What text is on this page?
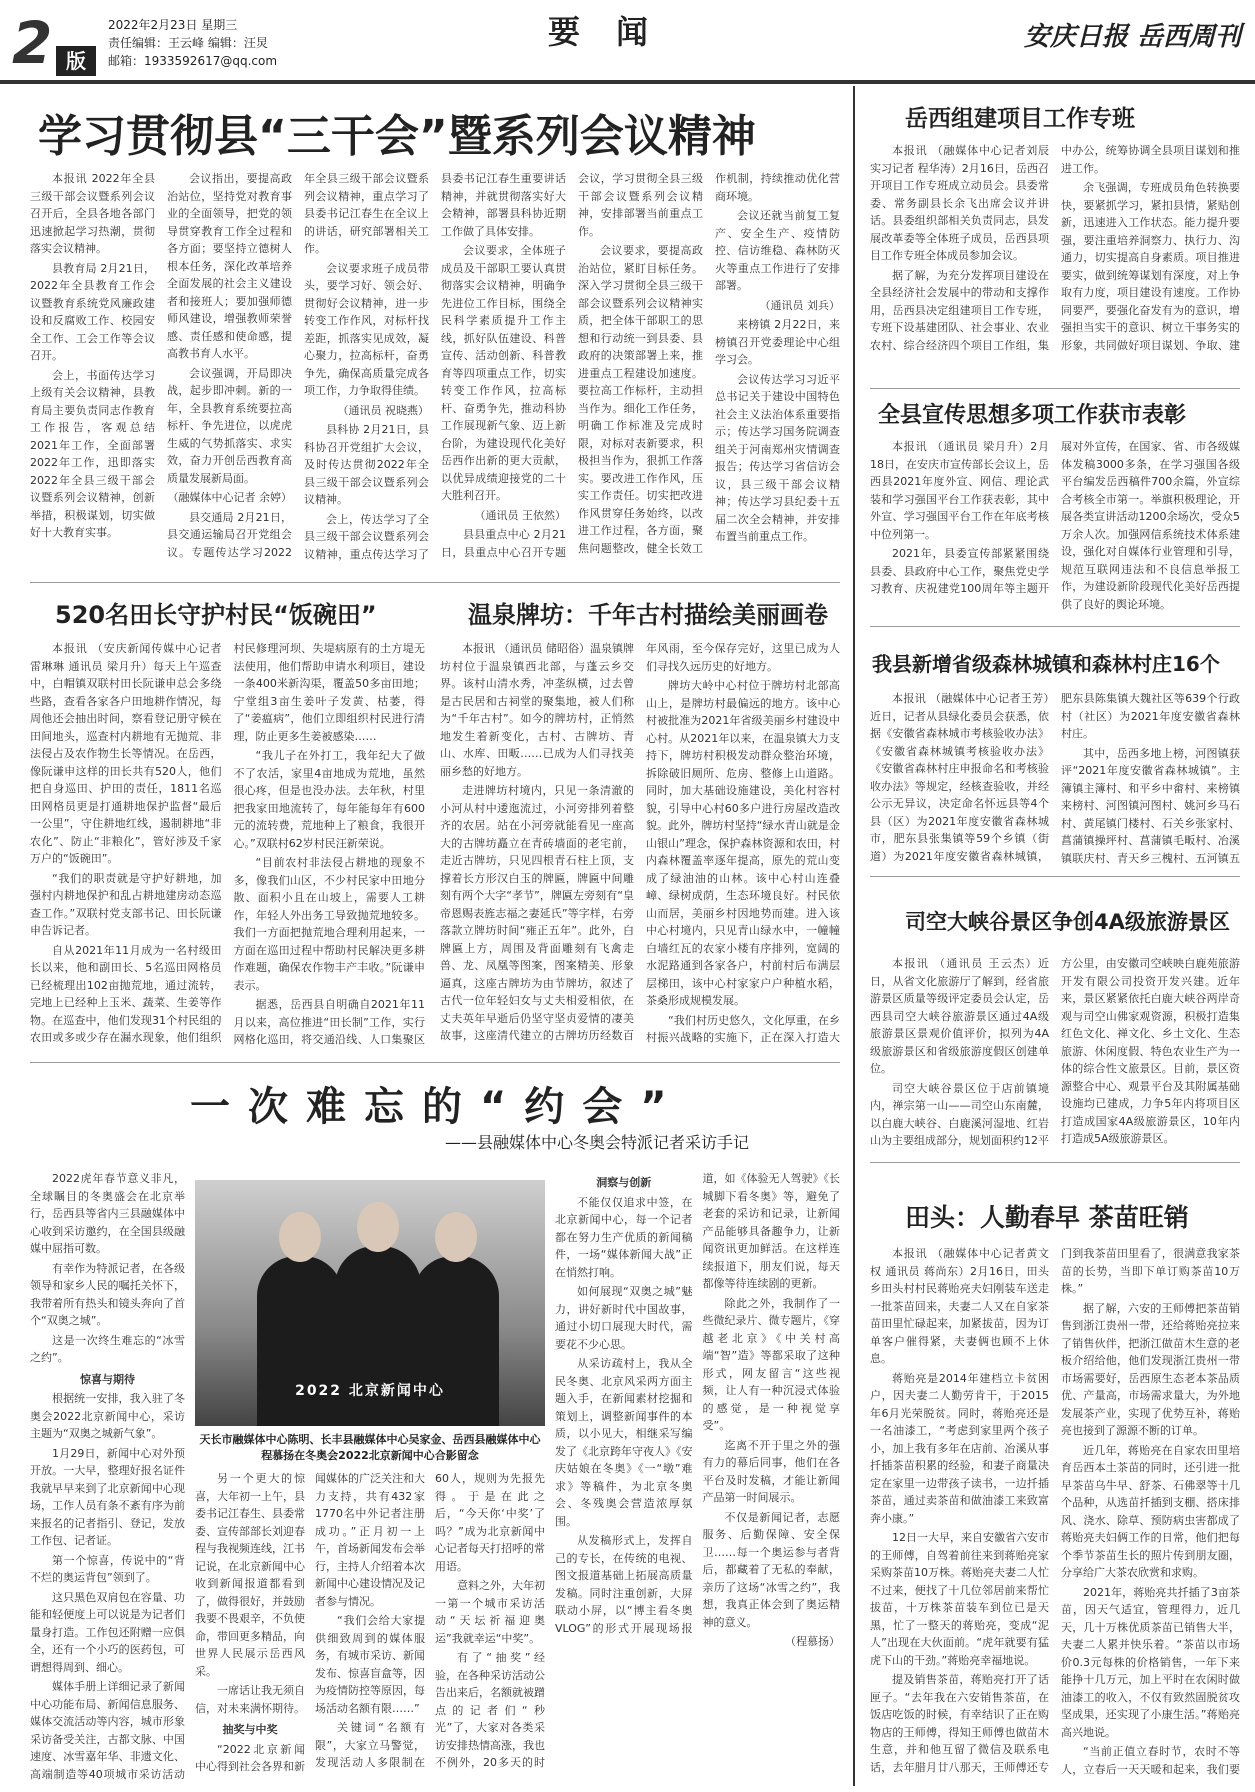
2 版
2022年2月23日 星期三
责任编辑：王云峰 编辑：汪炅
邮箱：1933592617@qq.com
要闻	安庆日报 岳西周刊
学习贯彻县“三干会”暨系列会议精神

本报讯 2022年全县三级干部会议暨系列会议召开后，全县各地各部门迅速掀起学习热潮，贯彻落实会议精神。

县教育局 2月21日，2022年全县教育工作会议暨教育系统党风廉政建设和反腐败工作、校园安全工作、工会工作等会议召开。

会上，书面传达学习上级有关会议精神，县教育局主要负责同志作教育工作报告，客观总结2021年工作，全面部署2022年工作，迅即落实2022年全县三级干部会议暨系列会议精神，创新举措，积极谋划，切实做好十大教育实事。

会议指出，要提高政治站位，坚持党对教育事业的全面领导，把党的领导贯穿教育工作全过程和各方面；要坚持立德树人根本任务，深化改革培养全面发展的社会主义建设者和接班人；要加强师德师风建设，增强教师荣誉感、责任感和使命感，提高教书育人水平。

会议强调，开局即决战，起步即冲刺。新的一年，全县教育系统要拉高标杆、争先进位，以虎虎生威的气势抓落实、求实效，奋力开创岳西教育高质量发展新局面。

（融媒体中心记者 余婷）

县交通局 2月21日，县交通运输局召开党组会议。专题传达学习2022年全县三级干部会议暨系列会议精神，重点学习了县委书记江春生在全议上的讲话，研究部署相关工作。

会议要求班子成员带头，要学习好、领会好、贯彻好会议精神，进一步转变工作作风，对标杆找差距，抓落实见成效，凝心聚力，拉高标杆，奋勇争先，确保高质量完成各项工作，力争取得佳绩。

（通讯员 祝晓燕）

县科协 2月21日，县科协召开党组扩大会议，及时传达贯彻2022年全县三级干部会议暨系列会议精神。

会上，传达学习了全县三级干部会议暨系列会议精神，重点传达学习了县委书记江春生重要讲话精神，并就贯彻落实好大会精神，部署县科协近期工作做了具体安排。

会议要求，全体班子成员及干部职工要认真贯彻落实会议精神，明确争先进位工作目标，围绕全民科学素质提升工作主线，抓好队伍建设、科普宣传、活动创新、科普教育等四项重点工作，切实转变工作作风，拉高标杆、奋勇争先，推动科协工作展现新气象、迈上新台阶，为建设现代化美好岳西作出新的更大贡献，以优异成绩迎接党的二十大胜利召开。

（通讯员 王依然）

县县重点中心 2月21日，县重点中心召开专题会议，学习贯彻全县三级干部会议暨系列会议精神，安排部署当前重点工作。

会议要求，要提高政治站位，紧盯目标任务。深入学习贯彻全县三级干部会议暨系列会议精神实质，把全体干部职工的思想和行动统一到县委、县政府的决策部署上来，推进重点工程建设加速度。要拉高工作标杆，主动担当作为。细化工作任务，明确工作标准及完成时限，对标对表新要求，积极担当作为，狠抓工作落实。要改进工作作风，压实工作责任。切实把改进作风贯穿任务始终，以改进工作过程，各方面，聚焦问题整改，健全长效工作机制，持续推动优化营商环境。

会议还就当前复工复产、安全生产、疫情防控、信访维稳、森林防灭火等重点工作进行了安排部署。

（通讯员 刘兵）

来榜镇 2月22日，来榜镇召开党委理论中心组学习会。

会议传达学习习近平总书记关于建设中国特色社会主义法治体系重要指示；传达学习国务院调查组关于河南郑州灾情调查报告；传达学习省信访会议，县三级干部会议精神；传达学习县纪委十五届二次全会精神，并安排布置当前重点工作。

520名田长守护村民“饭碗田”

本报讯 （安庆新闻传媒中心记者 雷琳琳 通讯员 梁月升）每天上午巡查中，白帽镇双联村田长阮谦申总会多绕些路，查看各家各户田地耕作情况，每周他还会抽出时间，察看登记册守候在田间地头，巡查村内耕地有无抛荒、非法侵占及农作物生长等情况。在岳西，像阮谦申这样的田长共有520人，他们把自身巡田、护田的责任，1811名巡田网格员更是打通耕地保护监督“最后一公里”，守住耕地红线，遏制耕地“非农化”、防止“非粮化”，管好涉及千家万户的“饭碗田”。

“我们的职责就是守护好耕地，加强村内耕地保护和乱占耕地建房动态巡查工作。”双联村党支部书记、田长阮谦申告诉记者。

自从2021年11月成为一名村级田长以来，他和副田长、5名巡田网格员已经梳理出102亩抛荒地，通过流转，完地上已经种上玉米、蔬菜、生姜等作物。在巡查中，他们发现31个村民组的农田或多或少存在漏水现象，他们组织村民修理河坝、失堤病原有的土方堤无法使用，他们帮助申请水利项目，建设一条400米新沟渠，覆盖50多亩田地；宁堂组3亩生姜叶子发黄、枯萎，得了“姜瘟病”，他们立即组织村民进行清理，防止更多生姜被感染……

“我儿子在外打工，我年纪大了做不了农活，家里4亩地成为荒地，虽然很心疼，但是也没办法。去年秋，村里把我家田地流转了，每年能每年有600元的流转费，荒地种上了粮食，我很开心。”双联村62岁村民汪新荣说。

“目前农村非法侵占耕地的现象不多，像我们山区，不少村民家中田地分散、面积小且在山坡上，需要人工耕作，年轻人外出务工导致抛荒地较多。我们一方面把抛荒地合理利用起来，一方面在巡田过程中帮助村民解决更多耕作难题，确保农作物丰产丰收。”阮谦申表示。

据悉，岳西县自明确自2021年11月以来，高位推进“田长制”工作，实行网格化巡田，将交通沿线、人口集聚区

温泉牌坊：千年古村描绘美丽画卷

本报讯 （通讯员 储昭俗）温泉镇牌坊村位于温泉镇西北部，与蓬云乡交界。该村山清水秀，冲垄纵横，过去曾是古民居和古祠堂的聚集地，被人们称为“千年古村”。如今的牌坊村，正悄然地发生着新变化，古村、古牌坊、青山、水库、田畈……已成为人们寻找美丽乡愁的好地方。

走进牌坊村境内，只见一条清澈的小河从村中逶迤流过，小河旁排列着整齐的农居。站在小河旁就能看见一座高大的古牌坊矗立在青砖墙面的老宅前，走近古牌坊，只见四根青石柱上顶，支撑着长方形汉白玉的牌匾，牌匾中间雕刻有两个大字“孝节”，牌匾左旁刻有“皇帝恩赐表旌志福之妻延氏”等字样，右旁落款立牌坊时间“雍正五年”。此外，白牌匾上方，周围及背面雕刻有飞禽走兽、龙、凤凰等图案，图案精美、形象逼真，这座古牌坊为由节牌坊，叙述了古代一位年轻妇女与丈夫相爱相依，在丈夫英年早逝后仍坚守坚贞爱情的凄美故事，这座清代建立的古牌坊历经数百年风雨，至今保存完好，这里已成为人们寻找久远历史的好地方。

牌坊大岭中心村位于牌坊村北部高山上，是牌坊村最偏远的地方。该中心村被批准为2021年省级美丽乡村建设中心村。从2021年以来，在温泉镇大力支持下，牌坊村积极发动群众整治环境，拆除破旧厕所、危房、整修上山道路。同时，加大基础设施建设，美化村容村貌，引导中心村60多户进行房屋改造改貌。此外，牌坊村坚持“绿水青山就是金山银山”理念，保护森林资源和农田，村内森林覆盖率逐年提高，原先的荒山变成了绿油油的山林。该中心村山连叠嶂、绿树成荫，生态环境良好。村民依山而居，美丽乡村因地势而建。进入该中心村境内，只见青山绿水中，一幢幢白墙红瓦的农家小楼有序排列，宽阔的水泥路通到各家各户，村前村后布满层层梯田，该中心村家家户户种植水稻，茶桑形成规模发展。

“我们村历史悠久，文化厚重，在乡村振兴战略的实施下，正在深入打造大

一次难忘的“约会”
——县融媒体中心冬奥会特派记者采访手记

2022虎年春节意义非凡，全球瞩目的冬奥盛会在北京举行，岳西县等省内三县融媒体中心收到采访邀约，在全国县级融媒中屈指可数。

有幸作为特派记者，在各级领导和家乡人民的嘱托关怀下，我带着所有热头和镜头奔向了首个“双奥之城”。

这是一次终生难忘的“冰雪之约”。

惊喜与期待

根据统一安排，我入驻了冬奥会2022北京新闻中心，采访主题为“双奥之城新气象”。

1月29日，新闻中心对外预开放。一大早，整理好报名证件我就早早来到了北京新闻中心现场，工作人员有条不紊有序为前来报名的记者指引、登记，发放工作包、记者证。

第一个惊喜，传说中的“背不烂的奥运背包”领到了。

这只黑色双肩包在容量、功能和轻便度上可以说是为记者们量身打造。工作包还附赠一应俱全，还有一个小巧的医药包，可谓想得周到、细心。

媒体手册上详细记录了新闻中心功能布局、新闻信息服务、媒体交流活动等内容，城市形象采访备受关注，古都文脉、中国速度、冰雪嘉年华、非遗文化、高端制造等40项城市采访活动

2022 北京新闻中心
天长市融媒体中心陈明、长丰县融媒体中心吴家金、岳西县融媒体中心程慕扬在冬奥会2022北京新闻中心合影留念

另一个更大的惊喜，大年初一上午，县委书记江春生、县委常委、宣传部部长刘迎春程与我视频连线，江书记说，在北京新闻中心收到新闻报道都看到了，做得很好，并鼓励我要不畏艰辛，不负使命，带回更多精品，向世界人民展示岳西风采。

一席话让我无须自信，对未来满怀期待。

抽奖与中奖

“2022北京新闻中心得到社会各界和新闻媒体的广泛关注和大力支持，共有432家1770名中外记者注册成功。”正月初一上午，首场新闻发布会举行，主持人介绍着本次新闻中心建设情况及记者参与情况。

“我们会给大家提供细致周到的媒体服务，有城市采访、新闻发布、惊喜盲盒等，因为疫情防控等原因，每场活动名额有限……”

关键词“名额有限”，大家立马警觉，发现活动人多限制在60人，规则为先报先得。于是在此之后，“今天你‘中奖’了吗？”成为北京新闻中心记者每天打招呼的常用语。

意料之外，大年初一第一个城市采访活动“天坛祈福迎奥运”我就幸运“中奖”。

有了“抽奖”经验，在各种采访活动公告出来后，名额就被蹭点的记者们“秒光”了，大家对各类采访安排热情高涨，我也不例外，20多天的时

洞察与创新

不能仅仅追求中签，在北京新闻中心，每一个记者都在努力生产优质的新闻稿件，一场“媒体新闻大战”正在悄然打响。

如何展现“双奥之城”魅力，讲好新时代中国故事，通过小切口展现大时代，需要花不少心思。

从采访疏村上，我从全民冬奥、北京风采两方面主题入手，在新闻素材挖掘和策划上，调整新闻事件的本质，以小见大，相继采写编发了《北京跨年守夜人》《安庆姑娘在冬奥》《一“墩”难求》等稿件，为北京冬奥会、冬残奥会营造浓厚氛围。

从发稿形式上，发挥自己的专长，在传统的电视、图文报道基础上拓展高质量发稿。同时注重创新，大屏联动小屏，以“博主看冬奥VLOG”的形式开展现场报道，如《体验无人驾驶》《长城脚下看冬奥》等，避免了老套的采访和记录，让新闻产品能够具备趣争力，让新闻资讯更加鲜活。在这样连续报道下，朋友们说，每天都像等待连续剧的更新。

除此之外，我制作了一些微纪录片、微专题片，《穿越老北京》《中关村高端“智”造》等都采取了这种形式，网友留言“这些视频，让人有一种沉浸式体验的感觉，是一种视觉享受”。

迄离不开于里之外的强有力的幕后同事，他们在各平台及时发稿，才能让新闻产品第一时间展示。

不仅是新闻记者，志愿服务、后勤保障、安全保卫……每一个奥运参与者背后，都藏着了无私的奉献，亲历了这场“冰雪之约”，我想，我真正体会到了奥运精神的意义。

（程慕扬）

岳西组建项目工作专班

本报讯 （融媒体中心记者刘辰 实习记者 程华涛）2月16日，岳西召开项目工作专班成立动员会。县委常委、常务副县长余飞出席会议并讲话。县委组织部相关负责同志，县发展改革委等全体班子成员，岳西县项目工作专班全体成员参加会议。

据了解，为充分发挥项目建设在全县经济社会发展中的带动和支撑作用，岳西县决定组建项目工作专班，专班下设基建团队、社会事业、农业农村、综合经济四个项目工作组，集中办公，统筹协调全县项目谋划和推进工作。

余飞强调，专班成员角色转换要快，要紧抓学习，紧扣县情，紧贴创新，迅速进入工作状态。能力提升要强，要注重培养洞察力、执行力、沟通力，切实提高自身素质。项目推进要实，做到统筹谋划有深度，对上争取有力度，项目建设有速度。工作协同要严，要强化奋发有为的意识，增强担当实干的意识、树立干事务实的形象，共同做好项目谋划、争取、建

全县宣传思想多项工作获市表彰

本报讯 （通讯员 梁月升）2月18日，在安庆市宣传部长会议上，岳西县2021年度外宣、网信、理论武装和学习强国平台工作获表彰，其中外宣、学习强国平台工作在年底考核中位列第一。

2021年，县委宣传部紧紧围绕县委、县政府中心工作，聚焦党史学习教育、庆祝建党100周年等主题开展对外宣传，在国家、省、市各级媒体发稿3000多条，在学习强国各级平台编发岳西稿件700余篇，外宣综合考核全市第一。举旗积极理论，开展各类宣讲活动1200余场次，受众5万余人次。加强网信系统技术体系建设，强化对自媒体行业管理和引导，规范互联网违法和不良信息举报工作，为建设新阶段现代化美好岳西提供了良好的舆论环境。

我县新增省级森林城镇和森林村庄16个

本报讯 （融媒体中心记者王芳）近日，记者从县绿化委员会获悉，依据《安徽省森林城市考核验收办法》《安徽省森林城镇考核验收办法》《安徽省森林村庄申报命名和考核验收办法》等规定，经核查验收，并经公示无异议，决定命名怀远县等4个县（区）为2021年度安徽省森林城市，肥东县张集镇等59个乡镇（街道）为2021年度安徽省森林城镇，肥东县陈集镇大魏社区等639个行政村（社区）为2021年度安徽省森林村庄。

其中，岳西多地上榜，河图镇获评“2021年度安徽省森林城镇”。主簿镇主簿村、和平乡中畲村、来榜镇来榜村、河图镇河图村、姚河乡马石村、黄尾镇门楼村、石关乡张家村、菖蒲镇操坪村、菖蒲镇毛畈村、冶溪镇联庆村、青天乡三槐村、五河镇五

司空大峡谷景区争创4A级旅游景区

本报讯 （通讯员 王云杰）近日，从省文化旅游厅了解到，经省旅游景区质量等级评定委员会认定，岳西县司空大峡谷旅游景区通过4A级旅游景区景观价值评价，拟列为4A级旅游景区和省级旅游度假区创建单位。

司空大峡谷景区位于店前镇境内，禅宗第一山——司空山东南麓，以白鹿大峡谷、白鹿溪河湿地、红岩山为主要组成部分，规划面积约12平方公里，由安徽司空峡映白鹿苑旅游开发有限公司投资开发兴建。近年来，景区紧紧依托白鹿大峡谷两岸奇观与司空山佛家观资源，积极打造集红色文化、禅文化、乡土文化、生态旅游、休闲度假、特色农业生产为一体的综合性文旅景区。目前，景区资源整合中心、观景平台及其附属基础设施均已建成，力争5年内将项目区打造成国家4A级旅游景区，10年内打造成5A级旅游景区。

田头：人勤春早 茶苗旺销

本报讯 （融媒体中心记者黄文权 通讯员 蒋尚东）2月16日，田头乡田头村村民蒋贻亮夫妇刚装车送走一批茶苗回来，夫妻二人又在自家茶苗田里忙碌起来，加紧拔苗，因为订单客户催得紧，夫妻俩也顾不上休息。

蒋贻亮是2014年建档立卡贫困户，因夫妻二人勤劳肯干，于2015年6月光荣脱贫。同时，蒋贻亮还是一名油漆工，“考虑到家里两个孩子小，加上我有多年在店前、冶溪从事扦插茶苗积累的经验，和妻子商量决定在家里一边带孩子读书，一边扦插茶苗，通过卖茶苗和做油漆工来致富奔小康。”

12日一大早，来自安徽省六安市的王师傅，自驾着前往来到蒋贻亮家采购茶苗10万株。蒋贻亮夫妻二人忙不过来，便找了十几位邻居前来帮忙拔苗，十万株茶苗装车到位已是天黑，忙了一整天的蒋贻亮，变成“泥人”出现在大伙面前。“虎年就要有猛虎下山的干劲。”蒋贻亮幸福地说。

提及销售茶苗，蒋贻亮打开了话匣子。“去年我在六安销售茶苗，在饭店吃饭的时候，有幸结识了正在购物店的王师傅，得知王师傅也做苗木生意，并和他互留了微信及联系电话，去年腊月廿八那天，王师傅还专门到我茶苗田里看了，很满意我家茶苗的长势，当即下单订购茶苗10万株。”

据了解，六安的王师傅把茶苗销售到浙江贵州一带，还给蒋贻亮拉来了销售伙伴，把浙江做苗木生意的老板介绍给他，他们发现浙江贵州一带市场需要好，岳西原生态老本茶品质优、产量高，市场需求量大，为外地发展茶产业，实现了优势互补，蒋贻亮也接到了源源不断的订单。

近几年，蒋贻亮在自家农田里培育岳西本土茶苗的同时，还引进一批早茶苗乌牛早、舒茶、石佛翠等十几个品种，从选苗扦插到支棚、搭床排风、浇水、除草、预防病虫害都成了蒋贻亮夫妇俩工作的日常，他们把每个季节茶苗生长的照片传到朋友圈，分享给广大茶农欣赏和求购。

2021年，蒋贻亮共扦插了3亩茶苗，因天气适宜，管理得力，近几天，几十万株优质茶苗已销售大半，夫妻二人累并快乐着。“茶苗以市场价0.3元每株的价格销售，一年下来能挣十几万元，加上平时在农闲时做油漆工的收入，不仅有致然固脱贫攻坚成果，还实现了小康生活。”蒋贻亮高兴地说。

“当前正值立春时节，农时不等人，立春后一天天暖和起来，我们要
